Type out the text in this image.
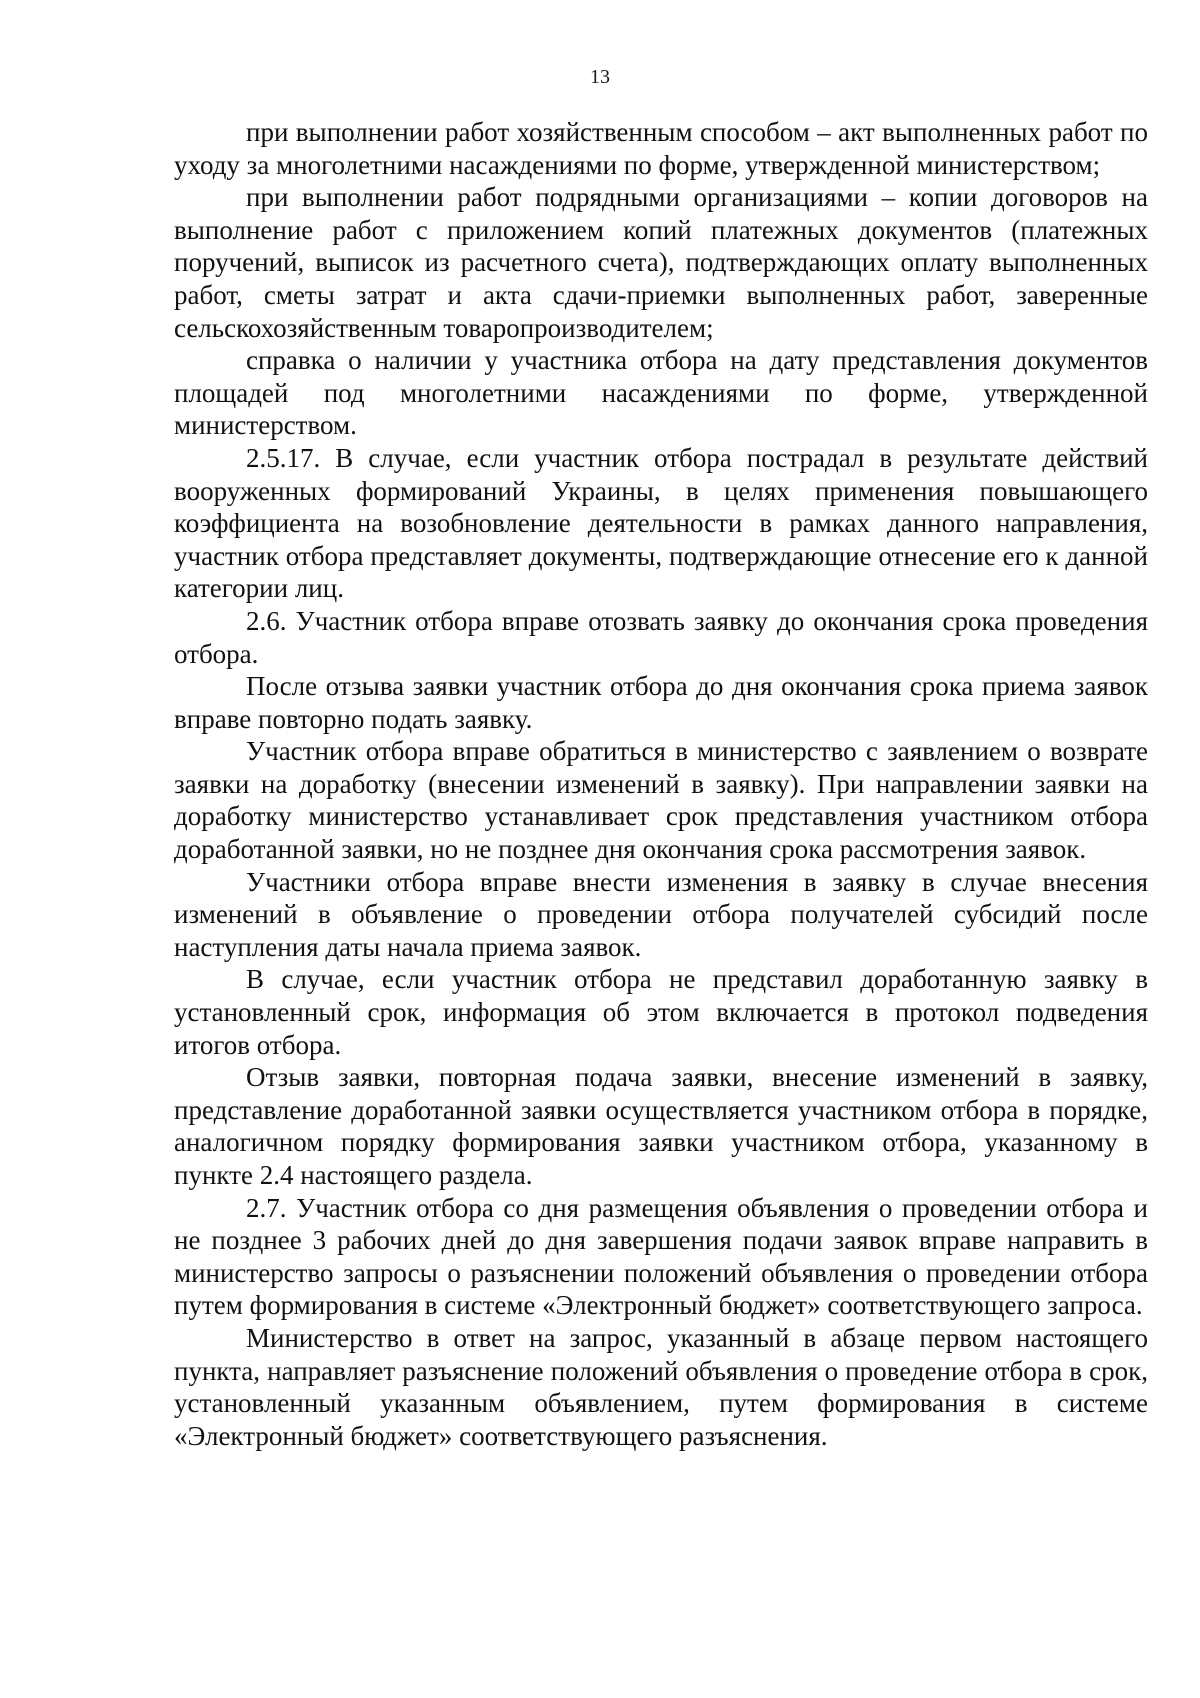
13

при выполнении работ хозяйственным способом – акт выполненных работ по уходу за многолетними насаждениями по форме, утвержденной министерством;

при выполнении работ подрядными организациями – копии договоров на выполнение работ с приложением копий платежных документов (платежных поручений, выписок из расчетного счета), подтверждающих оплату выполненных работ, сметы затрат и акта сдачи-приемки выполненных работ, заверенные сельскохозяйственным товаропроизводителем;

справка о наличии у участника отбора на дату представления документов площадей под многолетними насаждениями по форме, утвержденной министерством.

2.5.17. В случае, если участник отбора пострадал в результате действий вооруженных формирований Украины, в целях применения повышающего коэффициента на возобновление деятельности в рамках данного направления, участник отбора представляет документы, подтверждающие отнесение его к данной категории лиц.

2.6. Участник отбора вправе отозвать заявку до окончания срока проведения отбора.

После отзыва заявки участник отбора до дня окончания срока приема заявок вправе повторно подать заявку.

Участник отбора вправе обратиться в министерство с заявлением о возврате заявки на доработку (внесении изменений в заявку). При направлении заявки на доработку министерство устанавливает срок представления участником отбора доработанной заявки, но не позднее дня окончания срока рассмотрения заявок.

Участники отбора вправе внести изменения в заявку в случае внесения изменений в объявление о проведении отбора получателей субсидий после наступления даты начала приема заявок.

В случае, если участник отбора не представил доработанную заявку в установленный срок, информация об этом включается в протокол подведения итогов отбора.

Отзыв заявки, повторная подача заявки, внесение изменений в заявку, представление доработанной заявки осуществляется участником отбора в порядке, аналогичном порядку формирования заявки участником отбора, указанному в пункте 2.4 настоящего раздела.

2.7. Участник отбора со дня размещения объявления о проведении отбора и не позднее 3 рабочих дней до дня завершения подачи заявок вправе направить в министерство запросы о разъяснении положений объявления о проведении отбора путем формирования в системе «Электронный бюджет» соответствующего запроса.

Министерство в ответ на запрос, указанный в абзаце первом настоящего пункта, направляет разъяснение положений объявления о проведение отбора в срок, установленный указанным объявлением, путем формирования в системе «Электронный бюджет» соответствующего разъяснения.
